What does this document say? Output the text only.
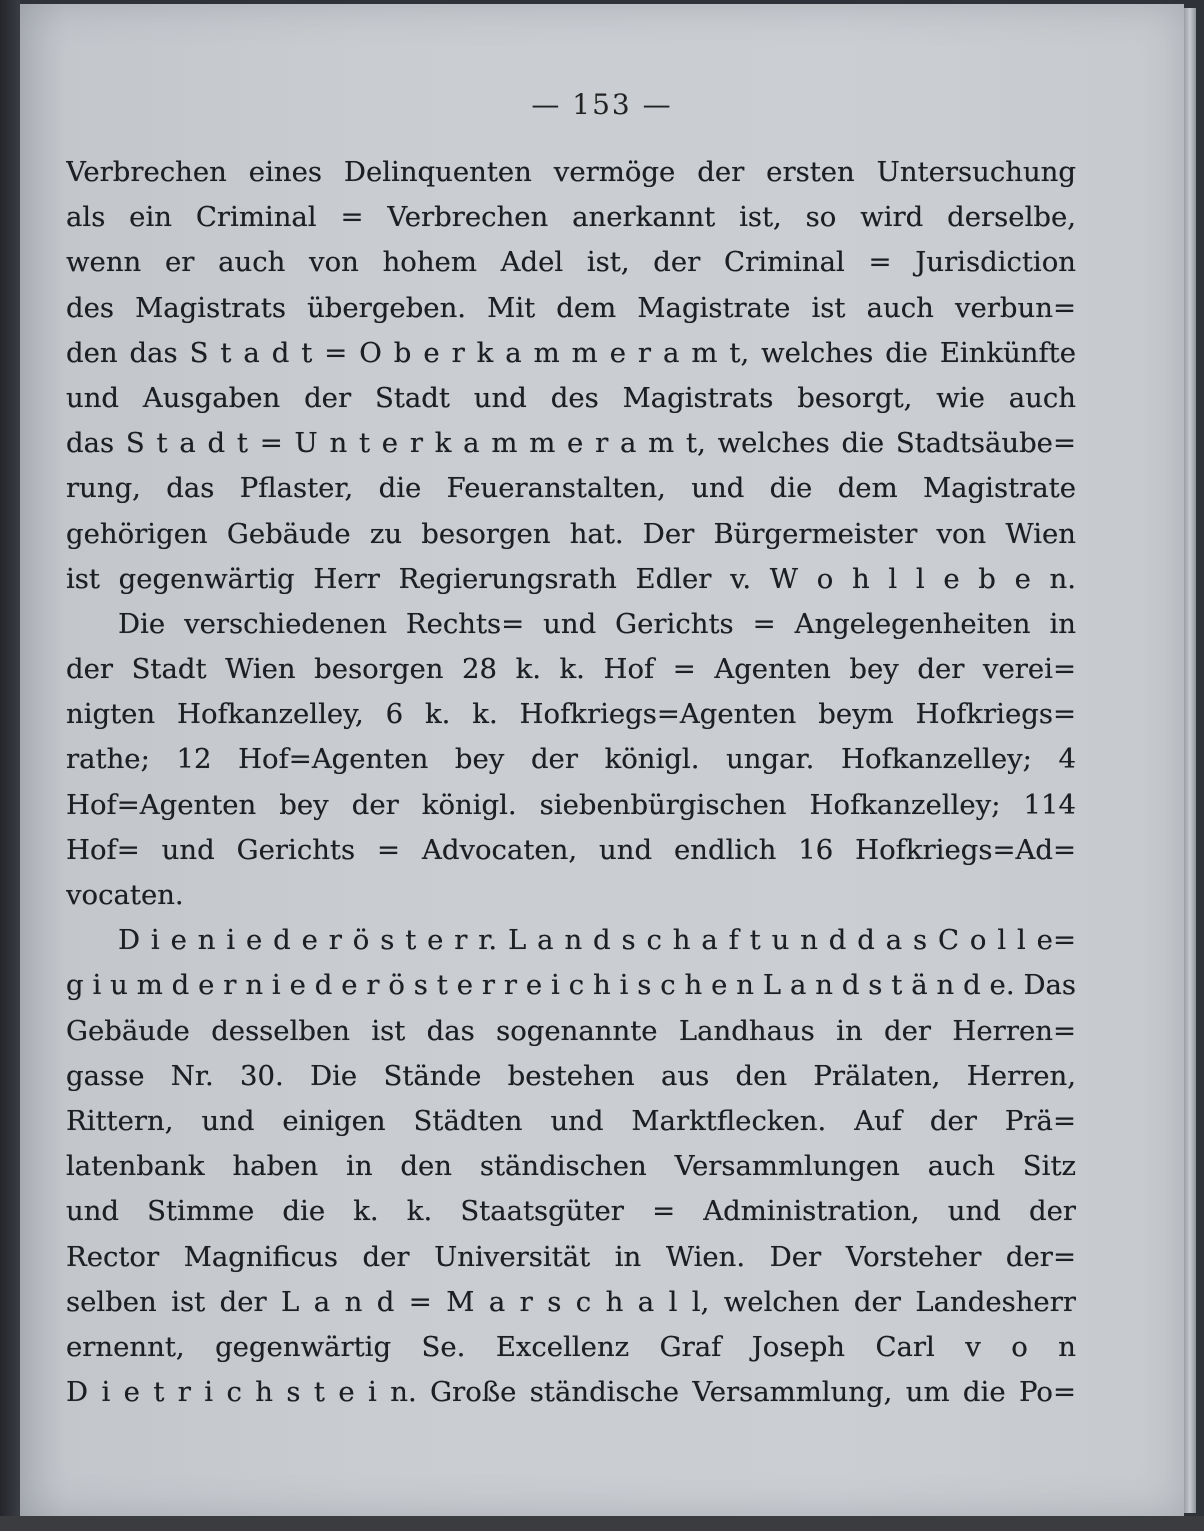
— 153 —
Verbrechen eines Delinquenten vermöge der ersten Untersuchung
als ein Criminal = Verbrechen anerkannt ist, so wird derselbe,
wenn er auch von hohem Adel ist, der Criminal = Jurisdiction
des Magistrats übergeben. Mit dem Magistrate ist auch verbun=
den das S t a d t = O b e r k a m m e r a m t, welches die Einkünfte
und Ausgaben der Stadt und des Magistrats besorgt, wie auch
das S t a d t = U n t e r k a m m e r a m t, welches die Stadtsäube=
rung, das Pflaster, die Feueranstalten, und die dem Magistrate
gehörigen Gebäude zu besorgen hat. Der Bürgermeister von Wien
ist gegenwärtig Herr Regierungsrath Edler v. W o h l l e b e n.
Die verschiedenen Rechts= und Gerichts = Angelegenheiten in
der Stadt Wien besorgen 28 k. k. Hof = Agenten bey der verei=
nigten Hofkanzelley, 6 k. k. Hofkriegs=Agenten beym Hofkriegs=
rathe; 12 Hof=Agenten bey der königl. ungar. Hofkanzelley; 4
Hof=Agenten bey der königl. siebenbürgischen Hofkanzelley; 114
Hof= und Gerichts = Advocaten, und endlich 16 Hofkriegs=Ad=
vocaten.
D i e n i e d e r ö s t e r r. L a n d s c h a f t u n d d a s C o l l e=
g i u m d e r n i e d e r ö s t e r r e i c h i s c h e n L a n d s t ä n d e. Das
Gebäude desselben ist das sogenannte Landhaus in der Herren=
gasse Nr. 30. Die Stände bestehen aus den Prälaten, Herren,
Rittern, und einigen Städten und Marktflecken. Auf der Prä=
latenbank haben in den ständischen Versammlungen auch Sitz
und Stimme die k. k. Staatsgüter = Administration, und der
Rector Magnificus der Universität in Wien. Der Vorsteher der=
selben ist der L a n d = M a r s c h a l l, welchen der Landesherr
ernennt, gegenwärtig Se. Excellenz Graf Joseph Carl v o n
D i e t r i c h s t e i n. Große ständische Versammlung, um die Po=
